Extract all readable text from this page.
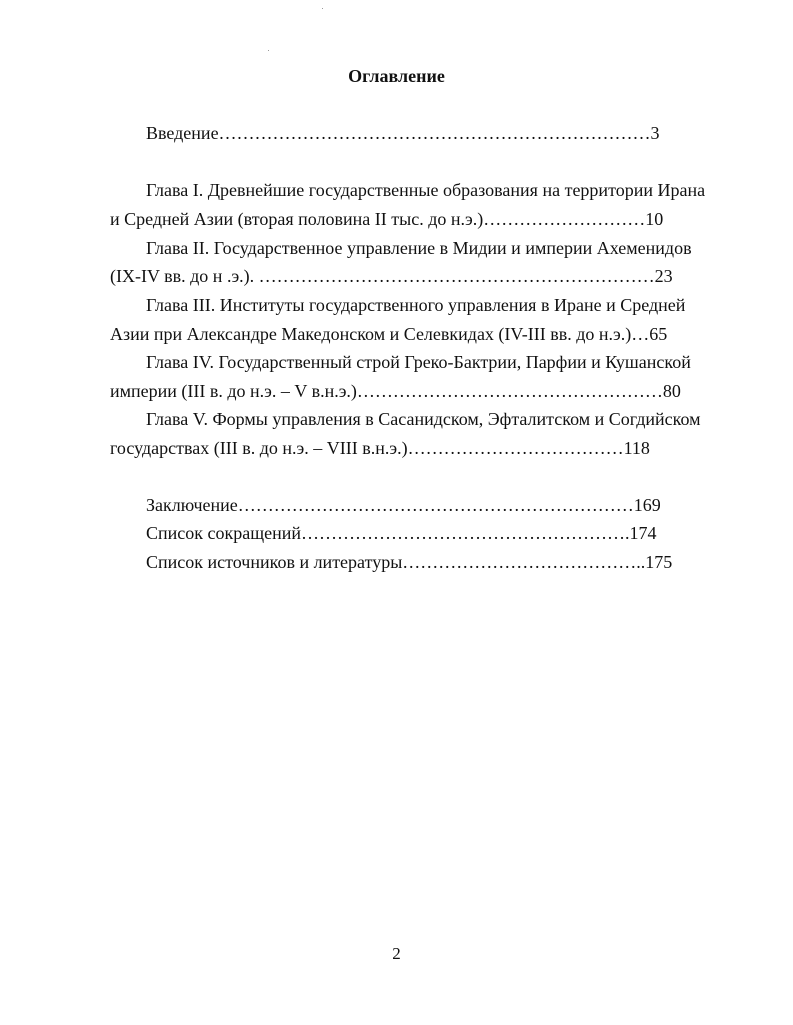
Оглавление
Введение………………………………………………………………3
Глава I. Древнейшие государственные образования на территории Ирана
и Средней Азии (вторая половина II тыс. до н.э.)………………………10
Глава II. Государственное управление в Мидии и империи Ахеменидов
(IX-IV вв. до н .э.). …………………………………………………………23
Глава III. Институты государственного управления в Иране и Средней
Азии при Александре Македонском и Селевкидах (IV-III вв. до н.э.)…65
Глава IV. Государственный строй Греко-Бактрии, Парфии и Кушанской
империи (III в. до н.э. – V в.н.э.)……………………………………………80
Глава V. Формы управления в Сасанидском, Эфталитском и Согдийском
государствах (III в. до н.э. – VIII в.н.э.)………………………………118
Заключение…………………………………………………………169
Список сокращений……………………………………………….174
Список источников и литературы…………………………………..175
2
